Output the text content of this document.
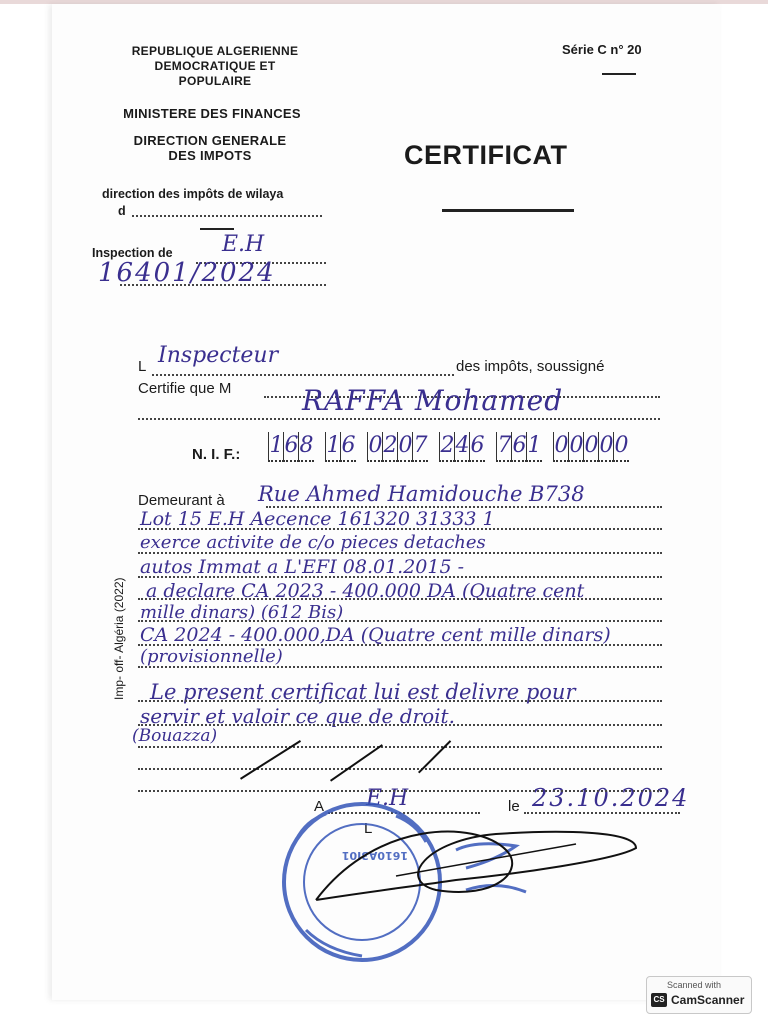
REPUBLIQUE ALGERIENNE
DEMOCRATIQUE ET
POPULAIRE
MINISTERE DES FINANCES
DIRECTION GENERALE
DES IMPOTS
direction des impôts de wilaya
d
Inspection de E.H
16401/2024
Série C n° 20
CERTIFICAT
L Inspecteur	des impôts, soussigné
Certifie que M	RAFFA Mohamed
N. I. F.: 1 6 8 1 6 0 2 0 7 2 4 6 7 6 1 0 0 0 0 0
Demeurant à
A E.H	le 23.10.2024
L
1610A3I01
Imp- off- Algéria (2022)
Scanned with
CS CamScanner
Rue Ahmed Hamidouche B738
Lot 15 E.H Aecence 161320 31333 1
exerce activite de c/o pieces detaches
autos Immat a L'EFI 08.01.2015 -
a declare CA 2023 - 400.000 DA (Quatre cent
mille dinars) (612 Bis)
CA 2024 - 400.000,DA (Quatre cent mille dinars)
(provisionnelle)
Le present certificat lui est delivre pour
servir et valoir ce que de droit.
(Bouazza)
